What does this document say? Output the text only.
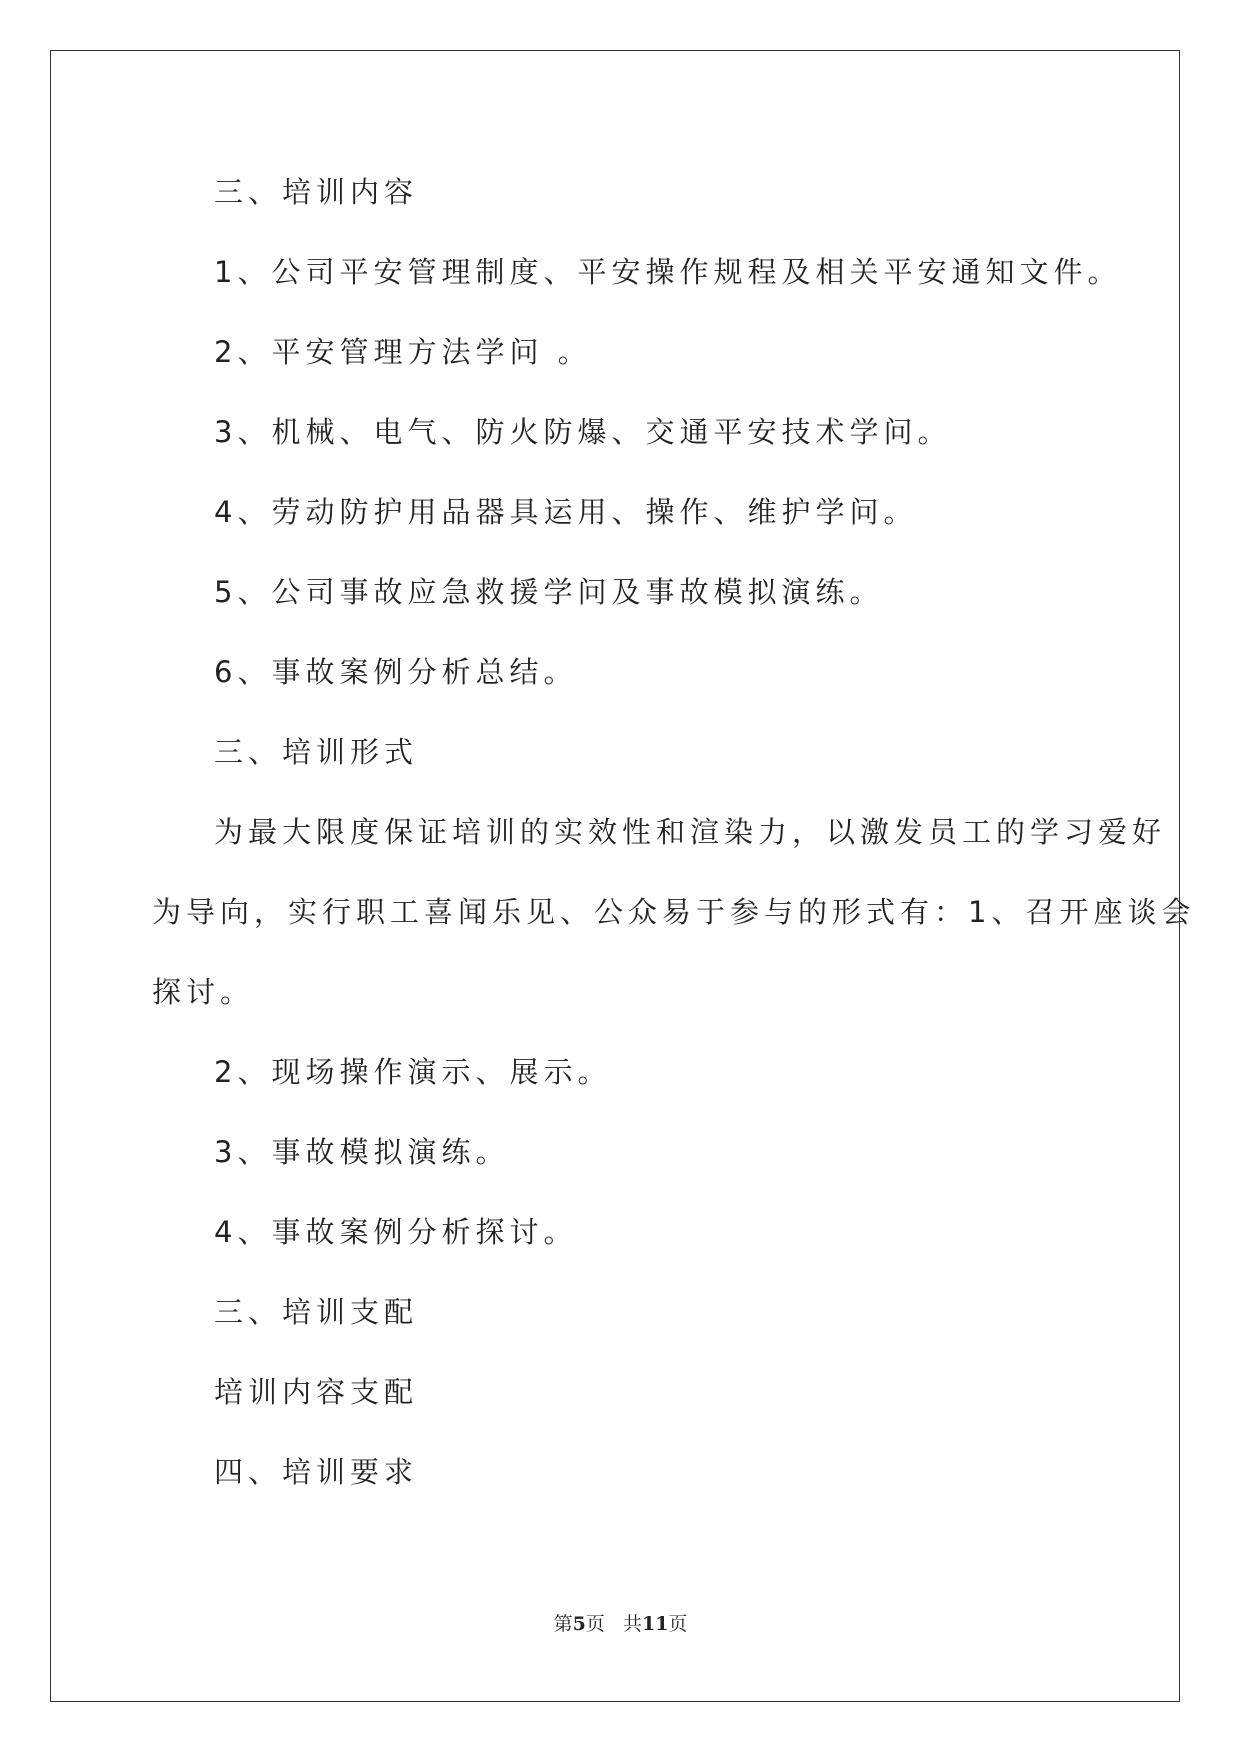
三、培训内容
1、公司平安管理制度、平安操作规程及相关平安通知文件。
2、平安管理方法学问 。
3、机械、电气、防火防爆、交通平安技术学问。
4、劳动防护用品器具运用、操作、维护学问。
5、公司事故应急救援学问及事故模拟演练。
6、事故案例分析总结。
三、培训形式
为最大限度保证培训的实效性和渲染力，以激发员工的学习爱好
为导向，实行职工喜闻乐见、公众易于参与的形式有：1、召开座谈会
探讨。
2、现场操作演示、展示。
3、事故模拟演练。
4、事故案例分析探讨。
三、培训支配
培训内容支配
四、培训要求
第5页 共11页
